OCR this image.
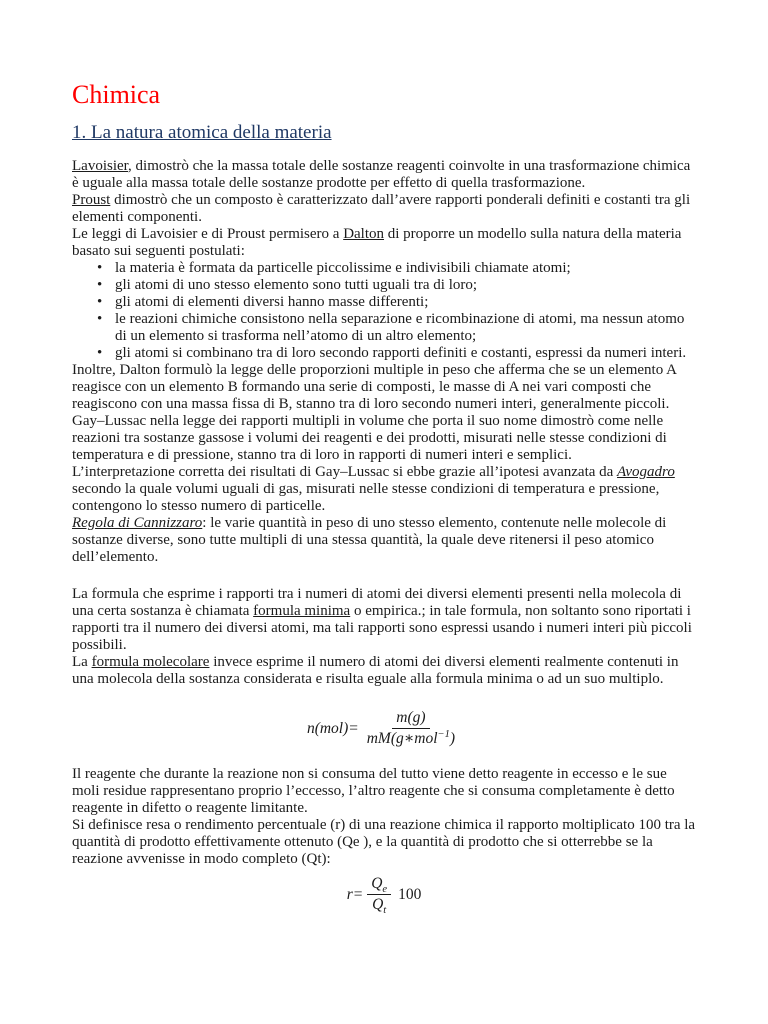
Chimica
1. La natura atomica della materia

Lavoisier, dimostrò che la massa totale delle sostanze reagenti coinvolte in una trasformazione chimica è uguale alla massa totale delle sostanze prodotte per effetto di quella trasformazione.

Proust dimostrò che un composto è caratterizzato dall’avere rapporti ponderali definiti e costanti tra gli elementi componenti.

Le leggi di Lavoisier e di Proust permisero a Dalton di proporre un modello sulla natura della materia basato sui seguenti postulati:

• la materia è formata da particelle piccolissime e indivisibili chiamate atomi;
• gli atomi di uno stesso elemento sono tutti uguali tra di loro;
• gli atomi di elementi diversi hanno masse differenti;
• le reazioni chimiche consistono nella separazione e ricombinazione di atomi, ma nessun atomo di un elemento si trasforma nell’atomo di un altro elemento;
• gli atomi si combinano tra di loro secondo rapporti definiti e costanti, espressi da numeri interi.

Inoltre, Dalton formulò la legge delle proporzioni multiple in peso che afferma che se un elemento A reagisce con un elemento B formando una serie di composti, le masse di A nei vari composti che reagiscono con una massa fissa di B, stanno tra di loro secondo numeri interi, generalmente piccoli.

Gay–Lussac nella legge dei rapporti multipli in volume che porta il suo nome dimostrò come nelle reazioni tra sostanze gassose i volumi dei reagenti e dei prodotti, misurati nelle stesse condizioni di temperatura e di pressione, stanno tra di loro in rapporti di numeri interi e semplici.

L’interpretazione corretta dei risultati di Gay–Lussac si ebbe grazie all’ipotesi avanzata da Avogadro secondo la quale volumi uguali di gas, misurati nelle stesse condizioni di temperatura e pressione, contengono lo stesso numero di particelle.

Regola di Cannizzaro: le varie quantità in peso di uno stesso elemento, contenute nelle molecole di sostanze diverse, sono tutte multipli di una stessa quantità, la quale deve ritenersi il peso atomico dell’elemento.

La formula che esprime i rapporti tra i numeri di atomi dei diversi elementi presenti nella molecola di una certa sostanza è chiamata formula minima o empirica.; in tale formula, non soltanto sono riportati i rapporti tra il numero dei diversi atomi, ma tali rapporti sono espressi usando i numeri interi più piccoli possibili.

La formula molecolare invece esprime il numero di atomi dei diversi elementi realmente contenuti in una molecola della sostanza considerata e risulta eguale alla formula minima o ad un suo multiplo.

$n(mol)= \frac{m(g)}{mM(g∗mol^{-1})}$

Il reagente che durante la reazione non si consuma del tutto viene detto reagente in eccesso e le sue moli residue rappresentano proprio l’eccesso, l’altro reagente che si consuma completamente è detto reagente in difetto o reagente limitante.

Si definisce resa o rendimento percentuale (r) di una reazione chimica il rapporto moltiplicato 100 tra la quantità di prodotto effettivamente ottenuto (Qe ), e la quantità di prodotto che si otterrebbe se la reazione avvenisse in modo completo (Qt):

$r= \frac{Q_e}{Q_t} 100$
